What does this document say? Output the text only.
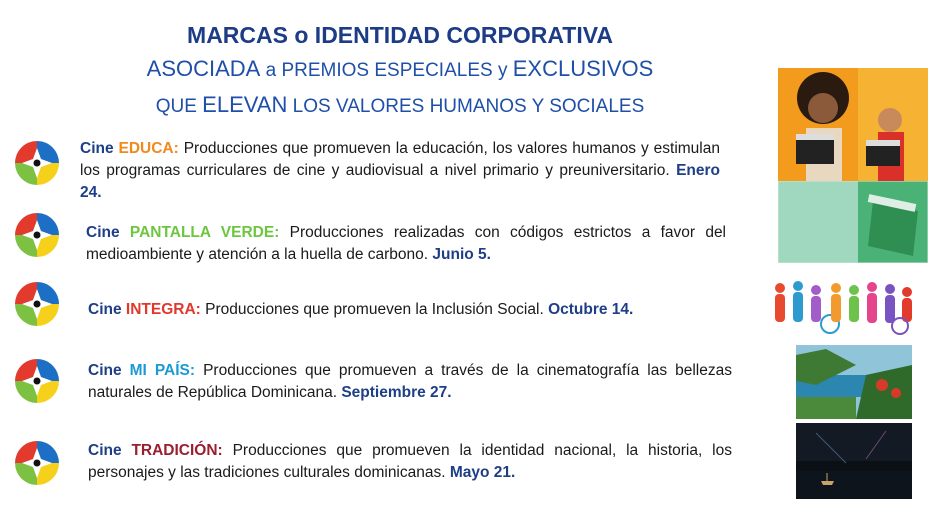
MARCAS o IDENTIDAD CORPORATIVA
ASOCIADA a PREMIOS ESPECIALES y EXCLUSIVOS
QUE ELEVAN LOS VALORES HUMANOS Y SOCIALES
Cine EDUCA: Producciones que promueven la educación, los valores humanos y estimulan los programas curriculares de cine y audiovisual a nivel primario y preuniversitario. Enero 24.
Cine PANTALLA VERDE: Producciones realizadas con códigos estrictos a favor del medioambiente y atención a la huella de carbono. Junio 5.
Cine INTEGRA: Producciones que promueven la Inclusión Social. Octubre 14.
Cine MI PAÍS: Producciones que promueven a través de la cinematografía las bellezas naturales de República Dominicana. Septiembre 27.
Cine TRADICIÓN: Producciones que promueven la identidad nacional, la historia, los personajes y las tradiciones culturales dominicanas. Mayo 21.
